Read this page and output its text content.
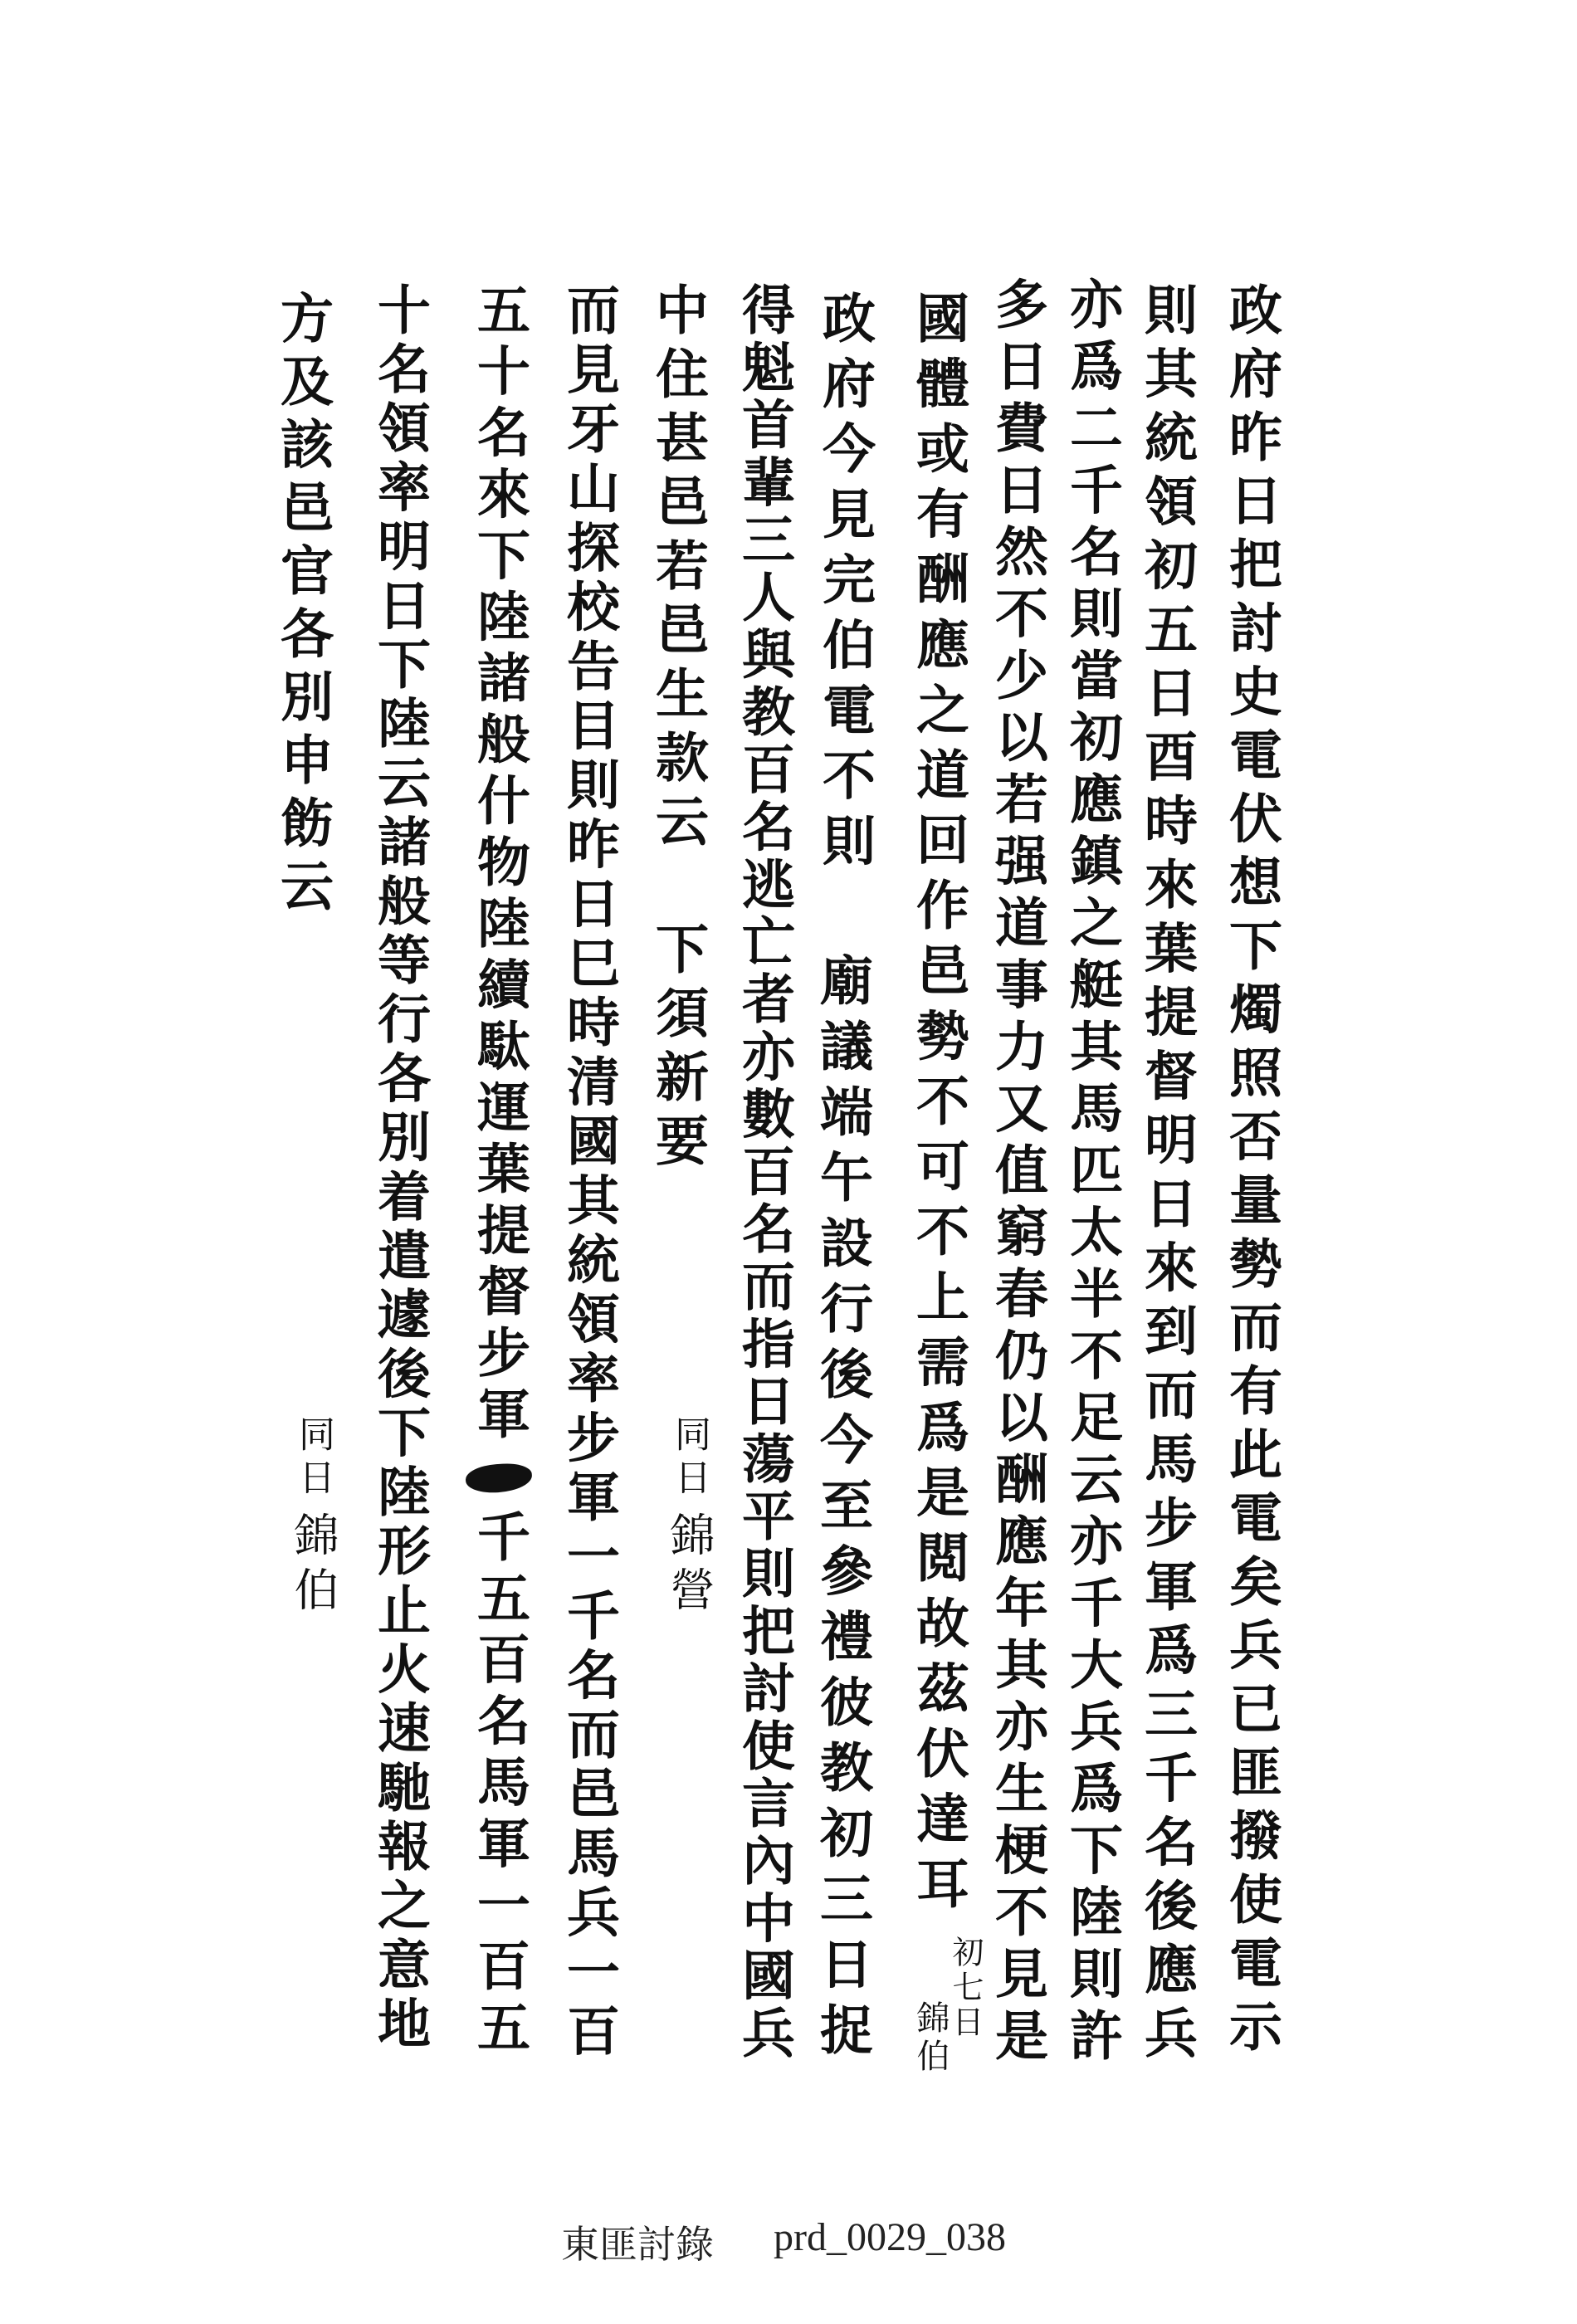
政府昨日把討史電伏想下燭照否量勢而有此電矣兵已匪撥使電示
則其統領初五日酉時來葉提督明日來到而馬步軍爲三千名後應兵
亦爲二千名則當初應鎮之艇其馬匹太半不足云亦千大兵爲下陸則許
多日費日然不少以若强道事力又值窮春仍以酬應年其亦生梗不見是
國體或有酬應之道回作邑勢不可不上需爲是閲故茲伏達耳
政府今見完伯電不則
廟議端午設行後今至參禮彼教初三日捉
得魁首輩三人與教百名逃亡者亦數百名而指日蕩平則把討使言內中國兵
中住甚邑若邑生款云　下須新要
而見牙山探校告目則昨日巳時清國其統領率步軍一千名而邑馬兵一百
五十名來下陸諸般什物陸續駄運葉提督步軍千五百名馬軍一百五
十名領率明日下陸云諸般等行各別着遣遽後下陸形止火速馳報之意地
方及該邑官各別申飭云
初七日
錦伯
同日錦營
同日錦伯
東匪討錄 prd_0029_038
